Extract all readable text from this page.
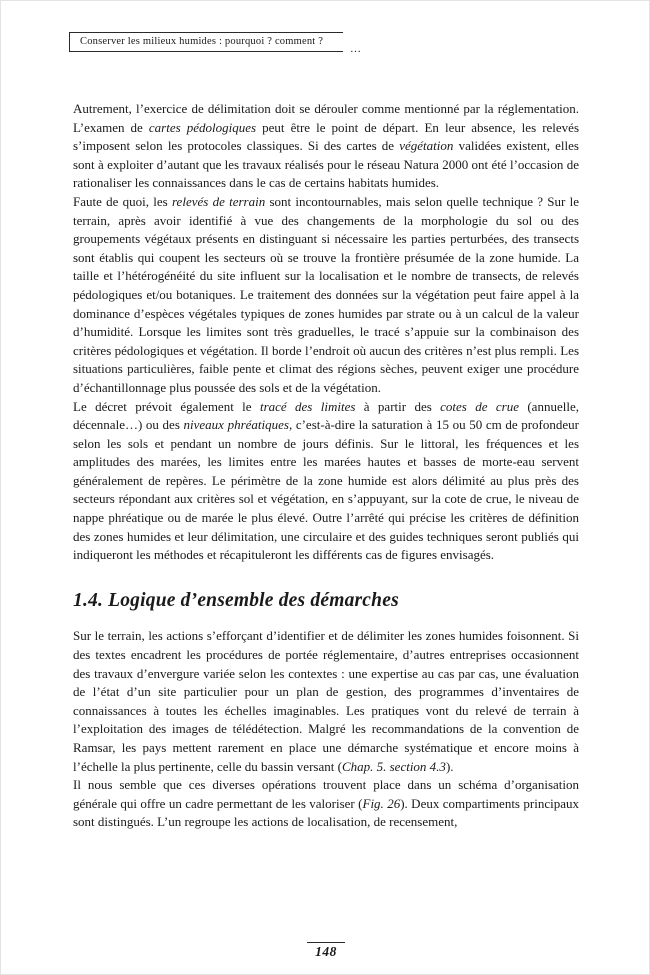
Conserver les milieux humides : pourquoi ? comment ?
…

Autrement, l’exercice de délimitation doit se dérouler comme mentionné par la réglementation. L’examen de cartes pédologiques peut être le point de départ. En leur absence, les relevés s’imposent selon les protocoles classiques. Si des cartes de végétation validées existent, elles sont à exploiter d’autant que les travaux réalisés pour le réseau Natura 2000 ont été l’occasion de rationaliser les connaissances dans le cas de certains habitats humides.

Faute de quoi, les relevés de terrain sont incontournables, mais selon quelle technique ? Sur le terrain, après avoir identifié à vue des changements de la morphologie du sol ou des groupements végétaux présents en distinguant si nécessaire les parties perturbées, des transects sont établis qui coupent les secteurs où se trouve la frontière présumée de la zone humide. La taille et l’hétérogénéité du site influent sur la localisation et le nombre de transects, de relevés pédologiques et/ou botaniques. Le traitement des données sur la végétation peut faire appel à la dominance d’espèces végétales typiques de zones humides par strate ou à un calcul de la valeur d’humidité. Lorsque les limites sont très graduelles, le tracé s’appuie sur la combinaison des critères pédologiques et végétation. Il borde l’endroit où aucun des critères n’est plus rempli. Les situations particulières, faible pente et climat des régions sèches, peuvent exiger une procédure d’échantillonnage plus poussée des sols et de la végétation.

Le décret prévoit également le tracé des limites à partir des cotes de crue (annuelle, décennale…) ou des niveaux phréatiques, c’est-à-dire la saturation à 15 ou 50 cm de profondeur selon les sols et pendant un nombre de jours définis. Sur le littoral, les fréquences et les amplitudes des marées, les limites entre les marées hautes et basses de morte-eau servent généralement de repères. Le périmètre de la zone humide est alors délimité au plus près des secteurs répondant aux critères sol et végétation, en s’appuyant, sur la cote de crue, le niveau de nappe phréatique ou de marée le plus élevé. Outre l’arrêté qui précise les critères de définition des zones humides et leur délimitation, une circulaire et des guides techniques seront publiés qui indiqueront les méthodes et récapituleront les différents cas de figures envisagés.

1.4. Logique d’ensemble des démarches

Sur le terrain, les actions s’efforçant d’identifier et de délimiter les zones humides foisonnent. Si des textes encadrent les procédures de portée réglementaire, d’autres entreprises occasionnent des travaux d’envergure variée selon les contextes : une expertise au cas par cas, une évaluation de l’état d’un site particulier pour un plan de gestion, des programmes d’inventaires de connaissances à toutes les échelles imaginables. Les pratiques vont du relevé de terrain à l’exploitation des images de télédétection. Malgré les recommandations de la convention de Ramsar, les pays mettent rarement en place une démarche systématique et encore moins à l’échelle la plus pertinente, celle du bassin versant (Chap. 5. section 4.3).

Il nous semble que ces diverses opérations trouvent place dans un schéma d’organisation générale qui offre un cadre permettant de les valoriser (Fig. 26). Deux compartiments principaux sont distingués. L’un regroupe les actions de localisation, de recensement,

148
